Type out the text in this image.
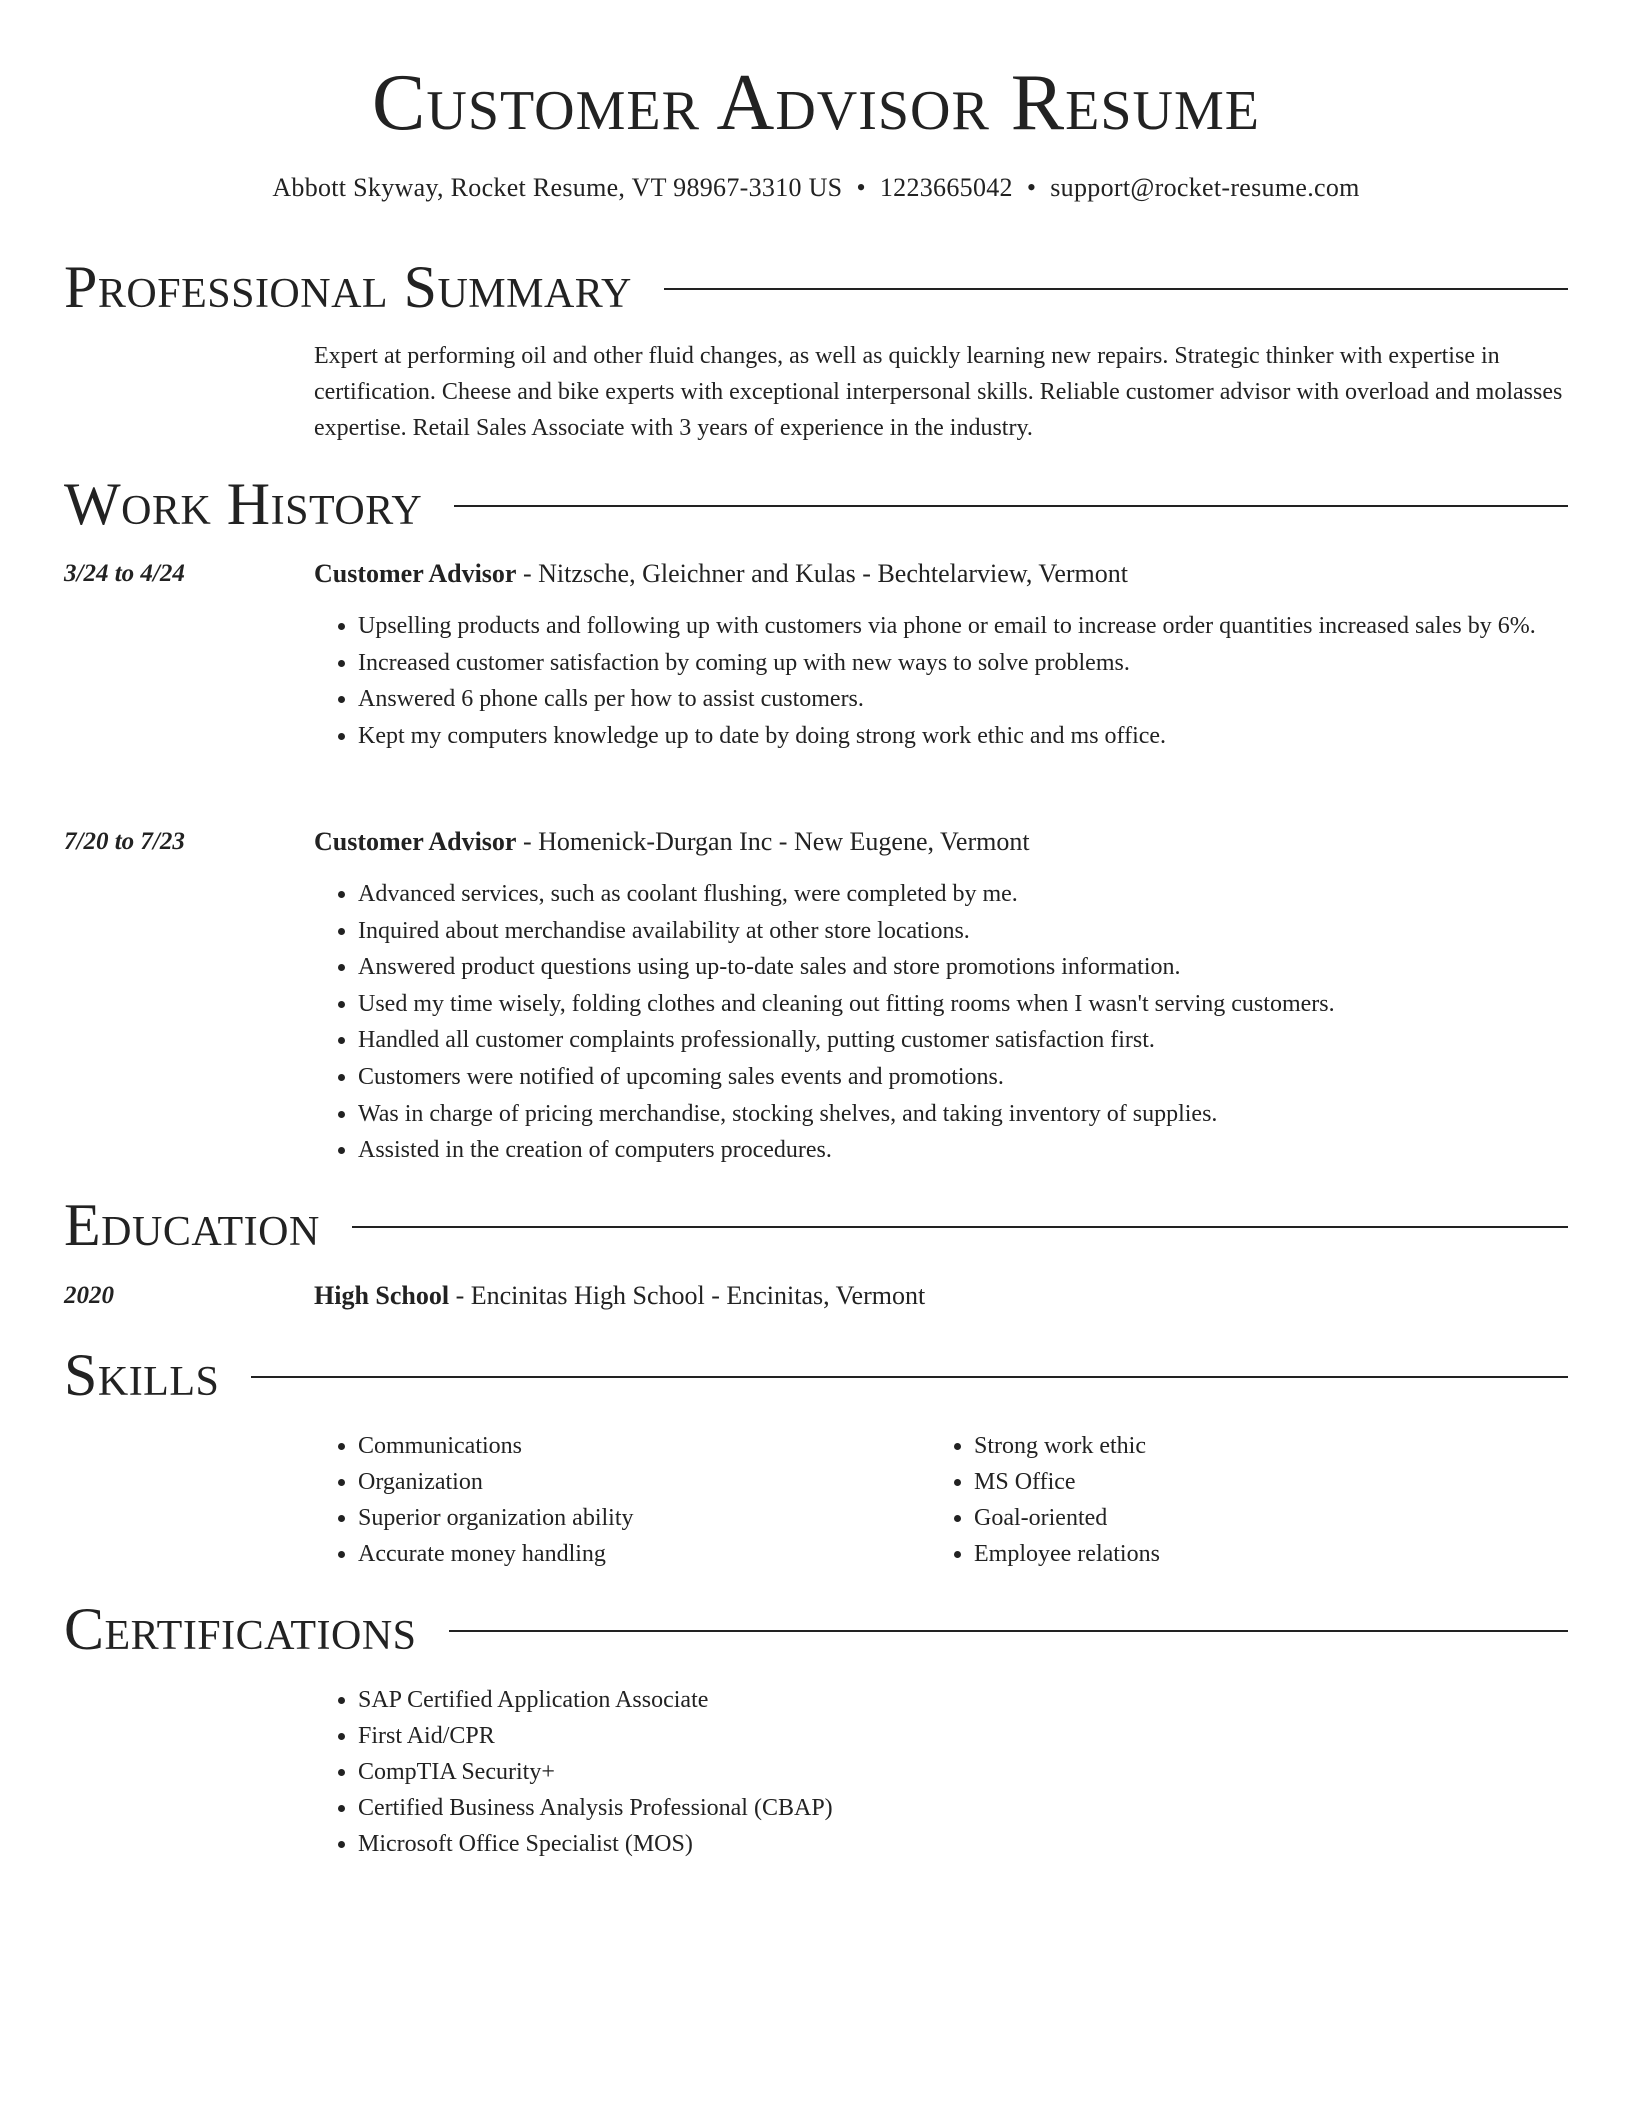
Customer Advisor Resume
Abbott Skyway, Rocket Resume, VT 98967-3310 US • 1223665042 • support@rocket-resume.com
Professional Summary

Expert at performing oil and other fluid changes, as well as quickly learning new repairs. Strategic thinker with expertise in certification. Cheese and bike experts with exceptional interpersonal skills. Reliable customer advisor with overload and molasses expertise. Retail Sales Associate with 3 years of experience in the industry.

Work History
3/24 to 4/24	Customer Advisor - Nitzsche, Gleichner and Kulas - Bechtelarview, Vermont
• Upselling products and following up with customers via phone or email to increase order quantities increased sales by 6%.
• Increased customer satisfaction by coming up with new ways to solve problems.
• Answered 6 phone calls per how to assist customers.
• Kept my computers knowledge up to date by doing strong work ethic and ms office.
7/20 to 7/23	Customer Advisor - Homenick-Durgan Inc - New Eugene, Vermont
• Advanced services, such as coolant flushing, were completed by me.
• Inquired about merchandise availability at other store locations.
• Answered product questions using up-to-date sales and store promotions information.
• Used my time wisely, folding clothes and cleaning out fitting rooms when I wasn't serving customers.
• Handled all customer complaints professionally, putting customer satisfaction first.
• Customers were notified of upcoming sales events and promotions.
• Was in charge of pricing merchandise, stocking shelves, and taking inventory of supplies.
• Assisted in the creation of computers procedures.
Education
2020	High School - Encinitas High School - Encinitas, Vermont
Skills
• Communications
• Organization
• Superior organization ability
• Accurate money handling
• Strong work ethic
• MS Office
• Goal-oriented
• Employee relations
Certifications
• SAP Certified Application Associate
• First Aid/CPR
• CompTIA Security+
• Certified Business Analysis Professional (CBAP)
• Microsoft Office Specialist (MOS)
